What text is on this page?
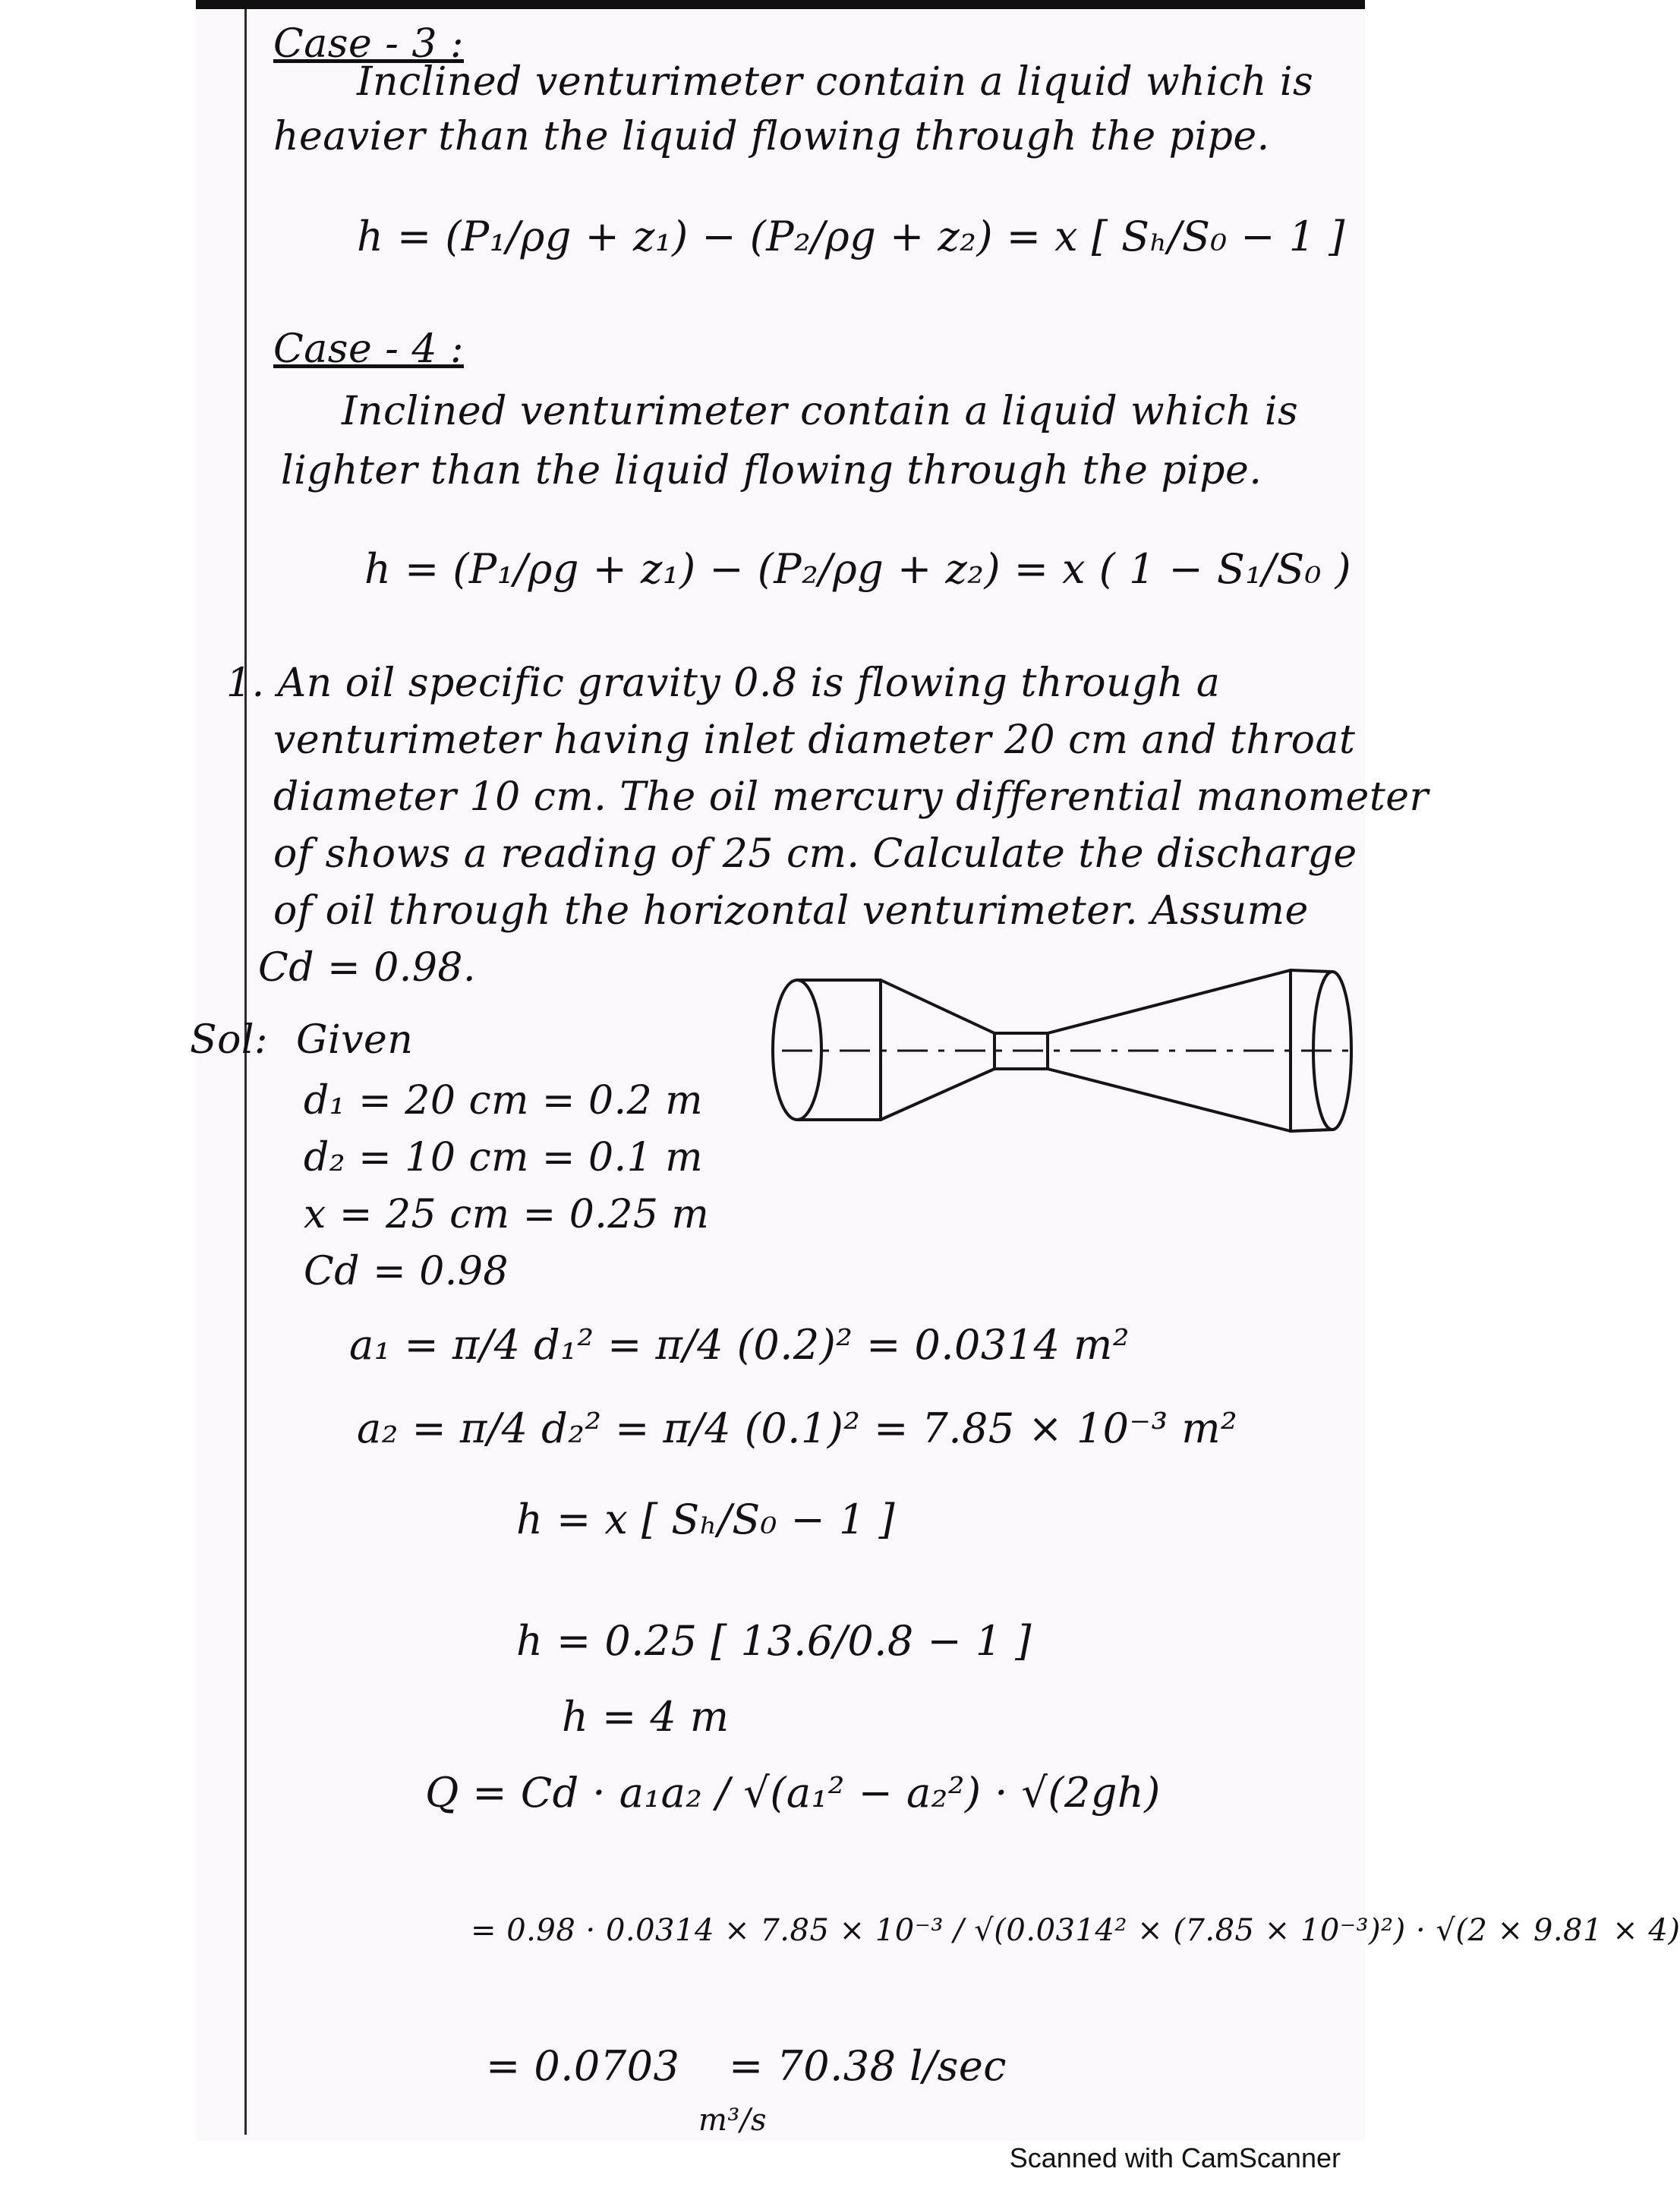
Case - 3 :
Inclined venturimeter contain a liquid which is
heavier than the liquid flowing through the pipe.
h = (P₁/ρg + z₁) − (P₂/ρg + z₂) = x [ Sₕ/S₀ − 1 ]
Case - 4 :
Inclined venturimeter contain a liquid which is
lighter than the liquid flowing through the pipe.
h = (P₁/ρg + z₁) − (P₂/ρg + z₂) = x ( 1 − S₁/S₀ )
1. An oil specific gravity 0.8 is flowing through a
venturimeter having inlet diameter 20 cm and throat
diameter 10 cm. The oil mercury differential manometer
of shows a reading of 25 cm. Calculate the discharge
of oil through the horizontal venturimeter. Assume
Cd = 0.98.
Sol: Given
d₁ = 20 cm = 0.2 m
d₂ = 10 cm = 0.1 m
x = 25 cm = 0.25 m
Cd = 0.98
a₁ = π/4 d₁² = π/4 (0.2)² = 0.0314 m²
a₂ = π/4 d₂² = π/4 (0.1)² = 7.85 × 10⁻³ m²
h = x [ Sₕ/S₀ − 1 ]
h = 0.25 [ 13.6/0.8 − 1 ]
h = 4 m
Q = Cd · a₁a₂ / √(a₁² − a₂²) · √(2gh)
= 0.98 · 0.0314 × 7.85 × 10⁻³ / √(0.0314² × (7.85 × 10⁻³)²) · √(2 × 9.81 × 4)
= 0.0703
m³/s
= 70.38 l/sec
Scanned with CamScanner
